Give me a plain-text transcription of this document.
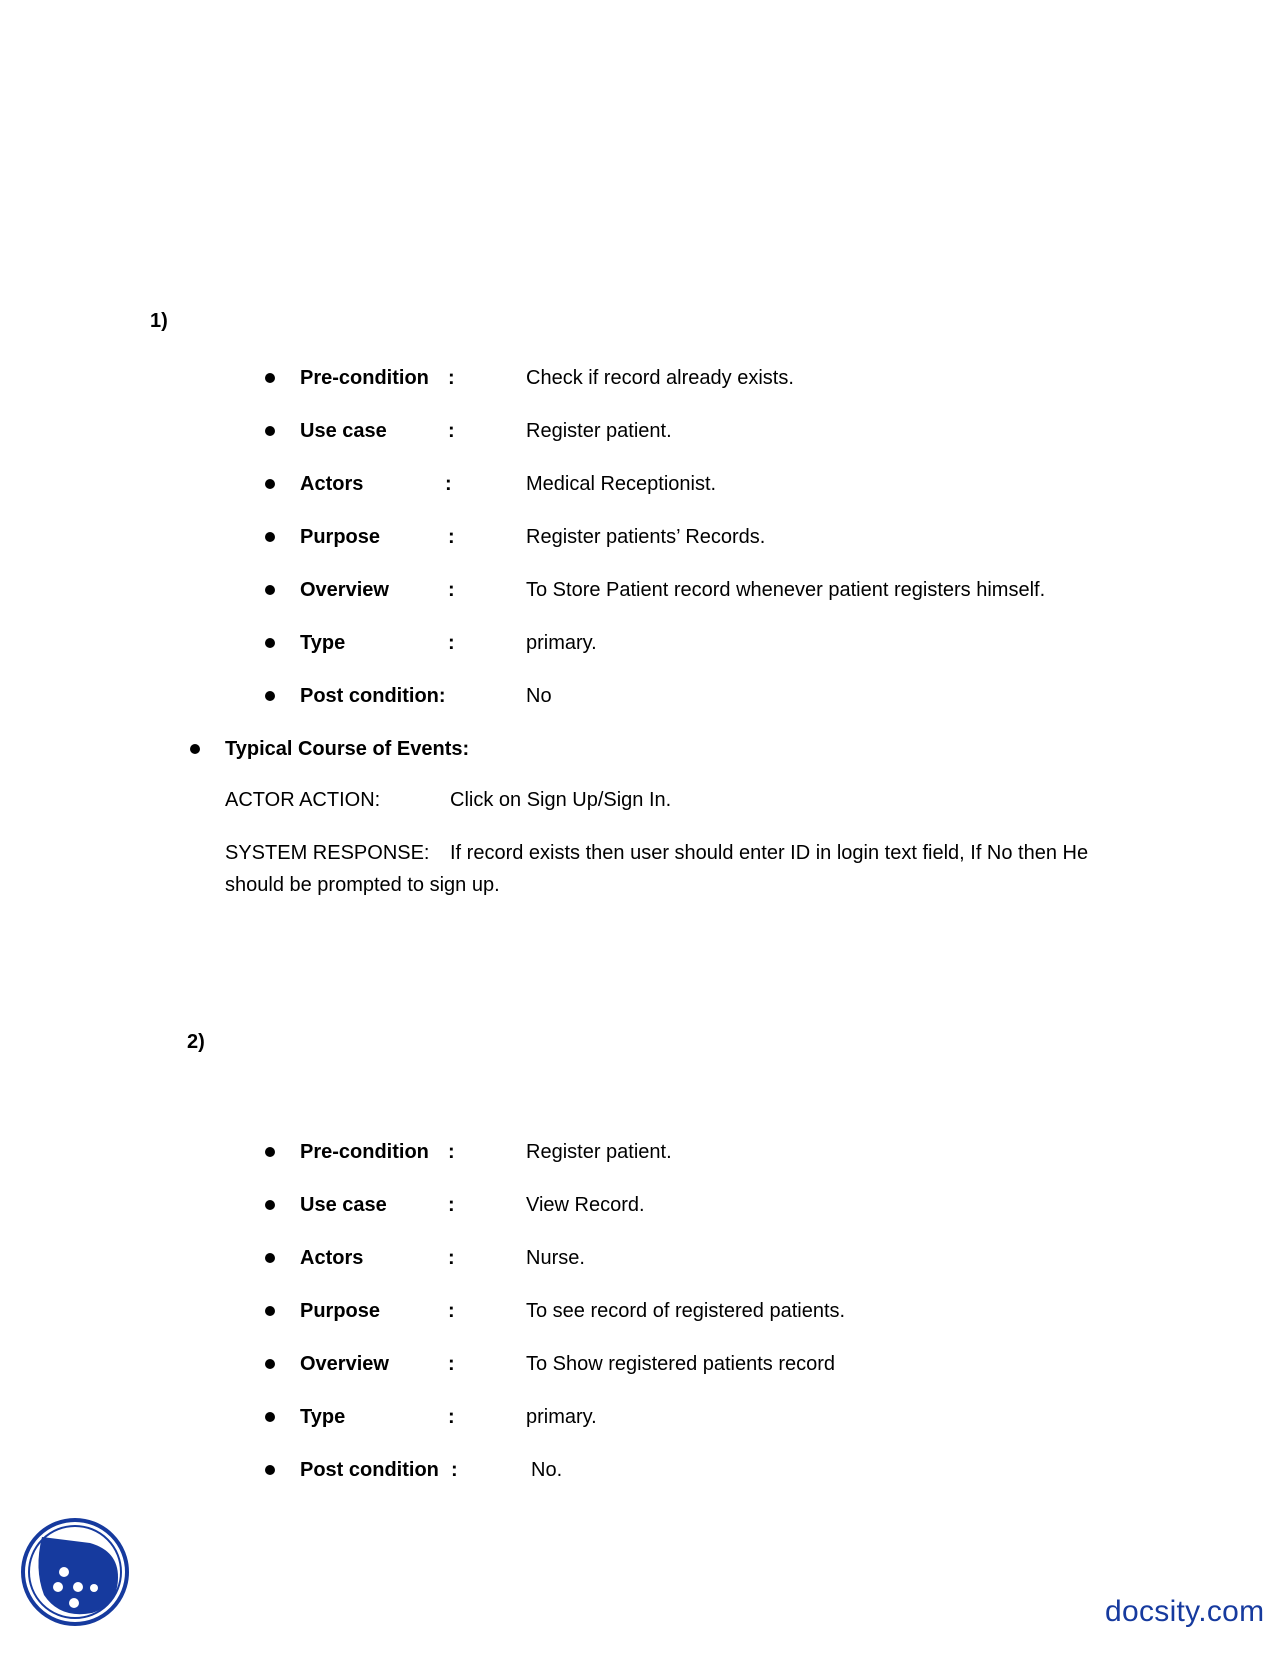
1)
Pre-condition :	Check if record already exists.
Use case	:	Register patient.
Actors	:	Medical Receptionist.
Purpose	:	Register patients’ Records.
Overview	:	To Store Patient record whenever patient registers himself.
Type	:	primary.
Post condition:	No
Typical Course of Events:
ACTOR ACTION:	Click on Sign Up/Sign In.
SYSTEM RESPONSE: If record exists then user should enter ID in login text field, If No then He should be prompted to sign up.
2)
Pre-condition :	Register patient.
Use case	:	View Record.
Actors	:	Nurse.
Purpose	:	To see record of registered patients.
Overview	:	To Show registered patients record
Type	:	primary.
Post condition :	No.
docsity.com
